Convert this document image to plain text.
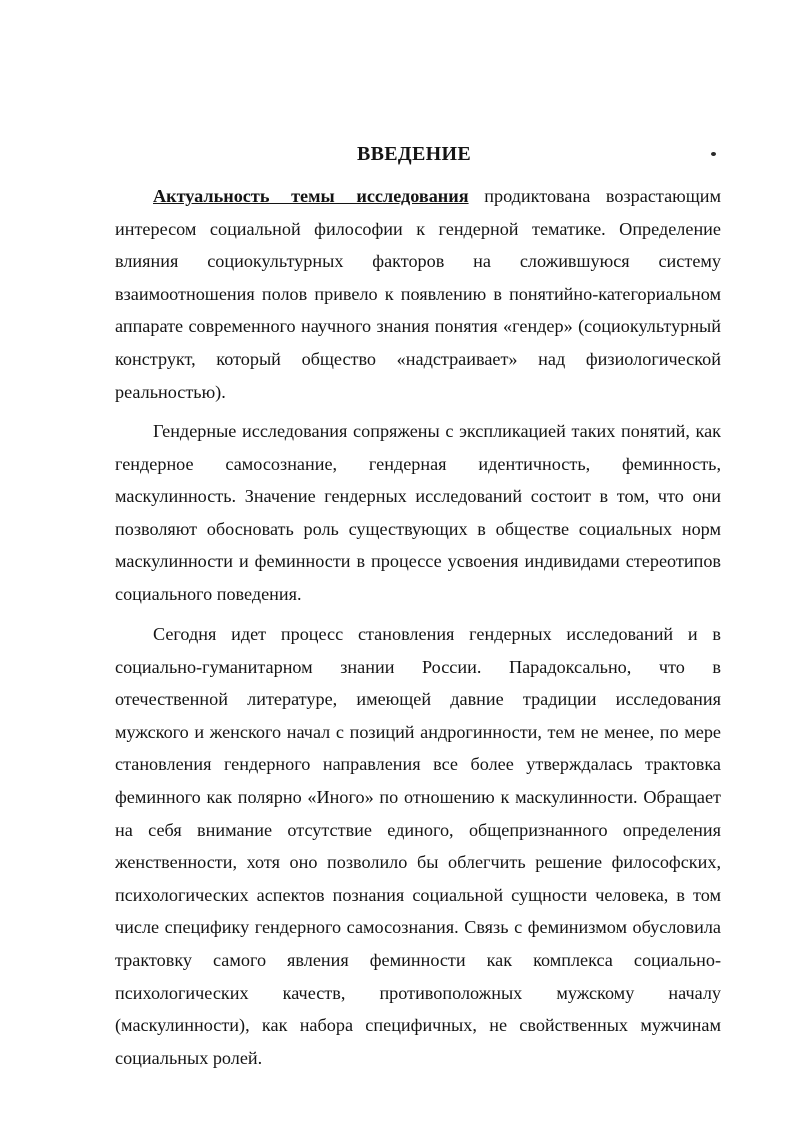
ВВЕДЕНИЕ

Актуальность темы исследования продиктована возрастающим интересом социальной философии к гендерной тематике. Определение влияния социокультурных факторов на сложившуюся систему взаимоотношения полов привело к появлению в понятийно-категориальном аппарате современного научного знания понятия «гендер» (социокультурный конструкт, который общество «надстраивает» над физиологической реальностью).

Гендерные исследования сопряжены с экспликацией таких понятий, как гендерное самосознание, гендерная идентичность, феминность, маскулинность. Значение гендерных исследований состоит в том, что они позволяют обосновать роль существующих в обществе социальных норм маскулинности и феминности в процессе усвоения индивидами стереотипов социального поведения.

Сегодня идет процесс становления гендерных исследований и в социально-гуманитарном знании России. Парадоксально, что в отечественной литературе, имеющей давние традиции исследования мужского и женского начал с позиций андрогинности, тем не менее, по мере становления гендерного направления все более утверждалась трактовка феминного как полярно «Иного» по отношению к маскулинности. Обращает на себя внимание отсутствие единого, общепризнанного определения женственности, хотя оно позволило бы облегчить решение философских, психологических аспектов познания социальной сущности человека, в том числе специфику гендерного самосознания. Связь с феминизмом обусловила трактовку самого явления феминности как комплекса социально-психологических качеств, противоположных мужскому началу (маскулинности), как набора специфичных, не свойственных мужчинам социальных ролей.
